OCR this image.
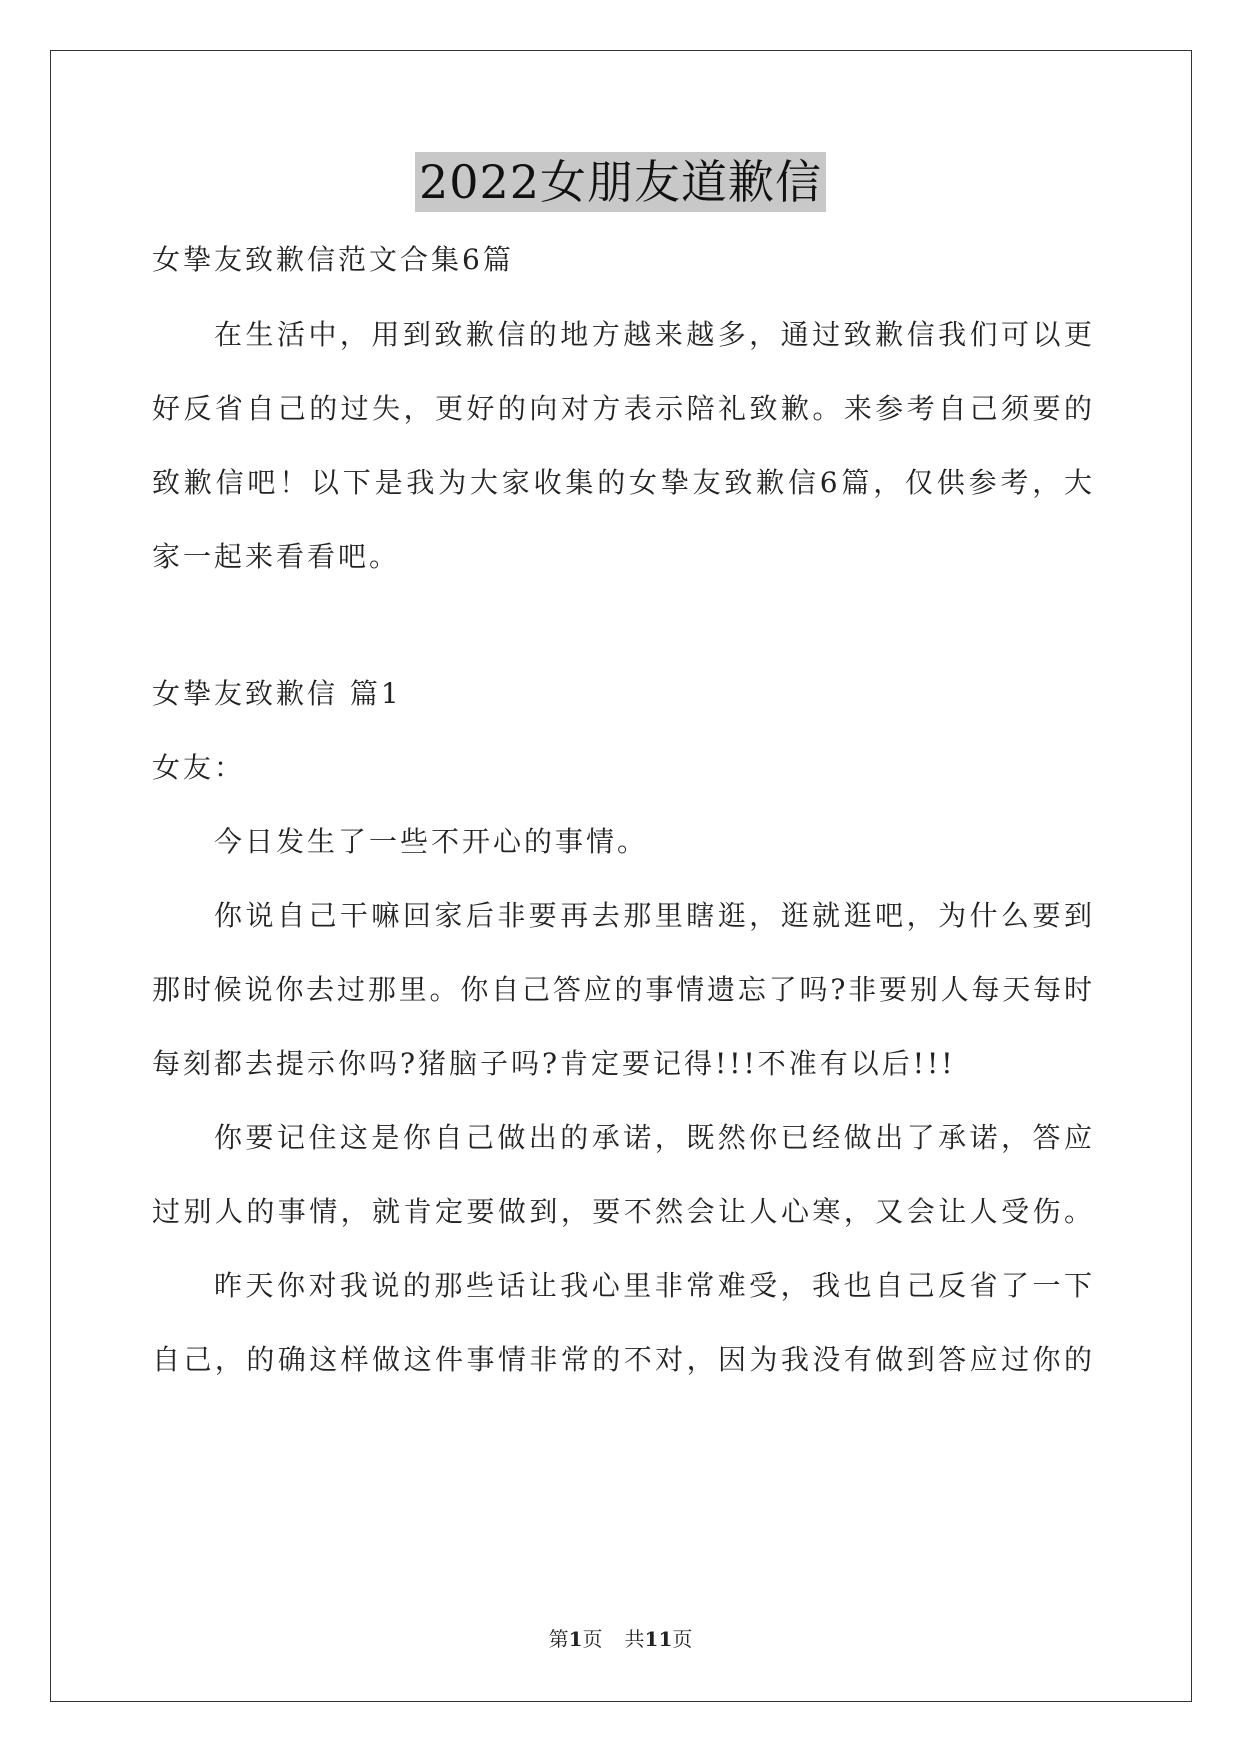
2022女朋友道歉信
女挚友致歉信范文合集6篇
在生活中，用到致歉信的地方越来越多，通过致歉信我们可以更
好反省自己的过失，更好的向对方表示陪礼致歉。来参考自己须要的
致歉信吧！以下是我为大家收集的女挚友致歉信6篇，仅供参考，大
家一起来看看吧。
女挚友致歉信 篇1
女友：
今日发生了一些不开心的事情。
你说自己干嘛回家后非要再去那里瞎逛，逛就逛吧，为什么要到
那时候说你去过那里。你自己答应的事情遗忘了吗?非要别人每天每时
每刻都去提示你吗?猪脑子吗?肯定要记得!!!不准有以后!!!
你要记住这是你自己做出的承诺，既然你已经做出了承诺，答应
过别人的事情，就肯定要做到，要不然会让人心寒，又会让人受伤。
昨天你对我说的那些话让我心里非常难受，我也自己反省了一下
自己，的确这样做这件事情非常的不对，因为我没有做到答应过你的
第1页 共11页
